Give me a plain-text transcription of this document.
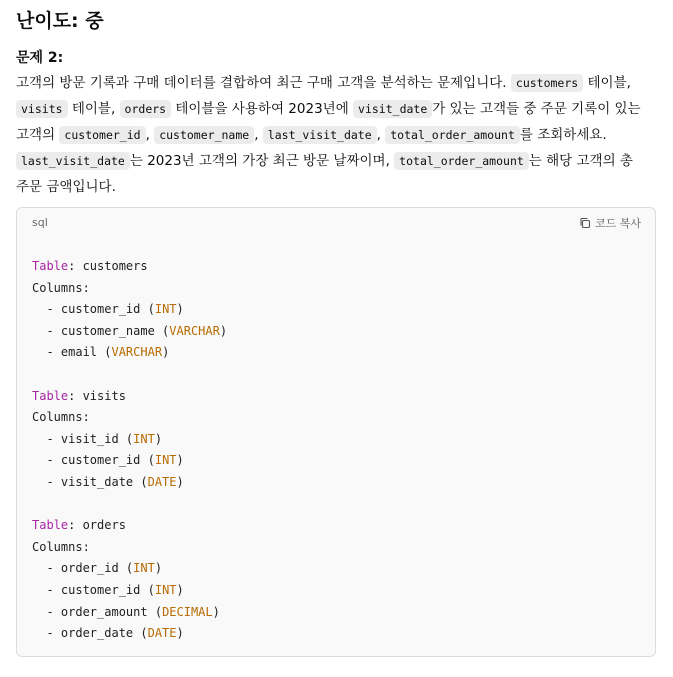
난이도: 중
문제 2:

고객의 방문 기록과 구매 데이터를 결합하여 최근 구매 고객을 분석하는 문제입니다. customers 테이블, visits 테이블, orders 테이블을 사용하여 2023년에 visit_date 가 있는 고객들 중 주문 기록이 있는 고객의 customer_id , customer_name , last_visit_date , total_order_amount 를 조회하세요. last_visit_date 는 2023년 고객의 가장 최근 방문 날짜이며, total_order_amount 는 해당 고객의 총 주문 금액입니다.

sql	코드 복사
Table: customers
Columns:
- customer_id (INT)
- customer_name (VARCHAR)
- email (VARCHAR)

Table: visits
Columns:
- visit_id (INT)
- customer_id (INT)
- visit_date (DATE)

Table: orders
Columns:
- order_id (INT)
- customer_id (INT)
- order_amount (DECIMAL)
- order_date (DATE)
